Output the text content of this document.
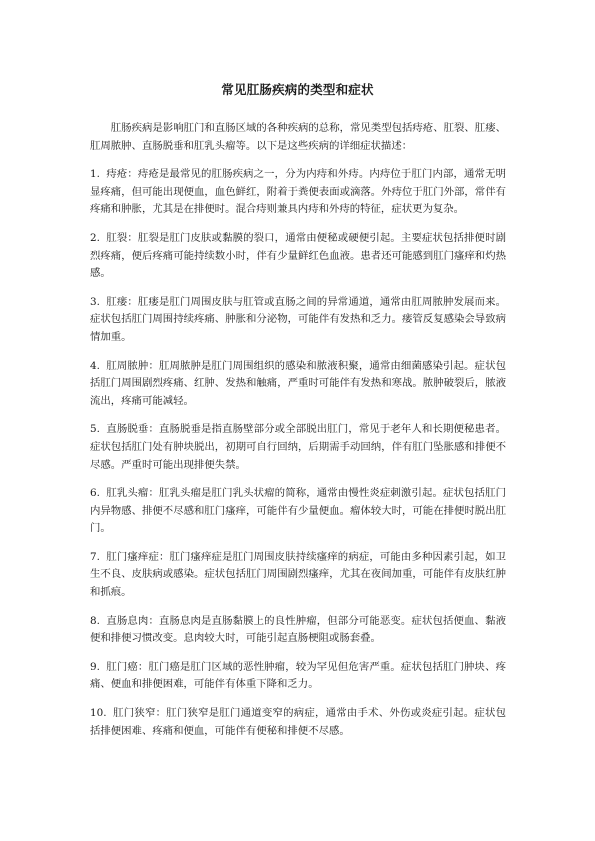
常见肛肠疾病的类型和症状

肛肠疾病是影响肛门和直肠区域的各种疾病的总称，常见类型包括痔疮、肛裂、肛瘘、肛周脓肿、直肠脱垂和肛乳头瘤等。以下是这些疾病的详细症状描述：

1. 痔疮：痔疮是最常见的肛肠疾病之一，分为内痔和外痔。内痔位于肛门内部，通常无明显疼痛，但可能出现便血，血色鲜红，附着于粪便表面或滴落。外痔位于肛门外部，常伴有疼痛和肿胀，尤其是在排便时。混合痔则兼具内痔和外痔的特征，症状更为复杂。

2. 肛裂：肛裂是肛门皮肤或黏膜的裂口，通常由便秘或硬便引起。主要症状包括排便时剧烈疼痛，便后疼痛可能持续数小时，伴有少量鲜红色血液。患者还可能感到肛门瘙痒和灼热感。

3. 肛瘘：肛瘘是肛门周围皮肤与肛管或直肠之间的异常通道，通常由肛周脓肿发展而来。症状包括肛门周围持续疼痛、肿胀和分泌物，可能伴有发热和乏力。瘘管反复感染会导致病情加重。

4. 肛周脓肿：肛周脓肿是肛门周围组织的感染和脓液积聚，通常由细菌感染引起。症状包括肛门周围剧烈疼痛、红肿、发热和触痛，严重时可能伴有发热和寒战。脓肿破裂后，脓液流出，疼痛可能减轻。

5. 直肠脱垂：直肠脱垂是指直肠壁部分或全部脱出肛门，常见于老年人和长期便秘患者。症状包括肛门处有肿块脱出，初期可自行回纳，后期需手动回纳，伴有肛门坠胀感和排便不尽感。严重时可能出现排便失禁。

6. 肛乳头瘤：肛乳头瘤是肛门乳头状瘤的简称，通常由慢性炎症刺激引起。症状包括肛门内异物感、排便不尽感和肛门瘙痒，可能伴有少量便血。瘤体较大时，可能在排便时脱出肛门。

7. 肛门瘙痒症：肛门瘙痒症是肛门周围皮肤持续瘙痒的病症，可能由多种因素引起，如卫生不良、皮肤病或感染。症状包括肛门周围剧烈瘙痒，尤其在夜间加重，可能伴有皮肤红肿和抓痕。

8. 直肠息肉：直肠息肉是直肠黏膜上的良性肿瘤，但部分可能恶变。症状包括便血、黏液便和排便习惯改变。息肉较大时，可能引起直肠梗阻或肠套叠。

9. 肛门癌：肛门癌是肛门区域的恶性肿瘤，较为罕见但危害严重。症状包括肛门肿块、疼痛、便血和排便困难，可能伴有体重下降和乏力。

10. 肛门狭窄：肛门狭窄是肛门通道变窄的病症，通常由手术、外伤或炎症引起。症状包括排便困难、疼痛和便血，可能伴有便秘和排便不尽感。
